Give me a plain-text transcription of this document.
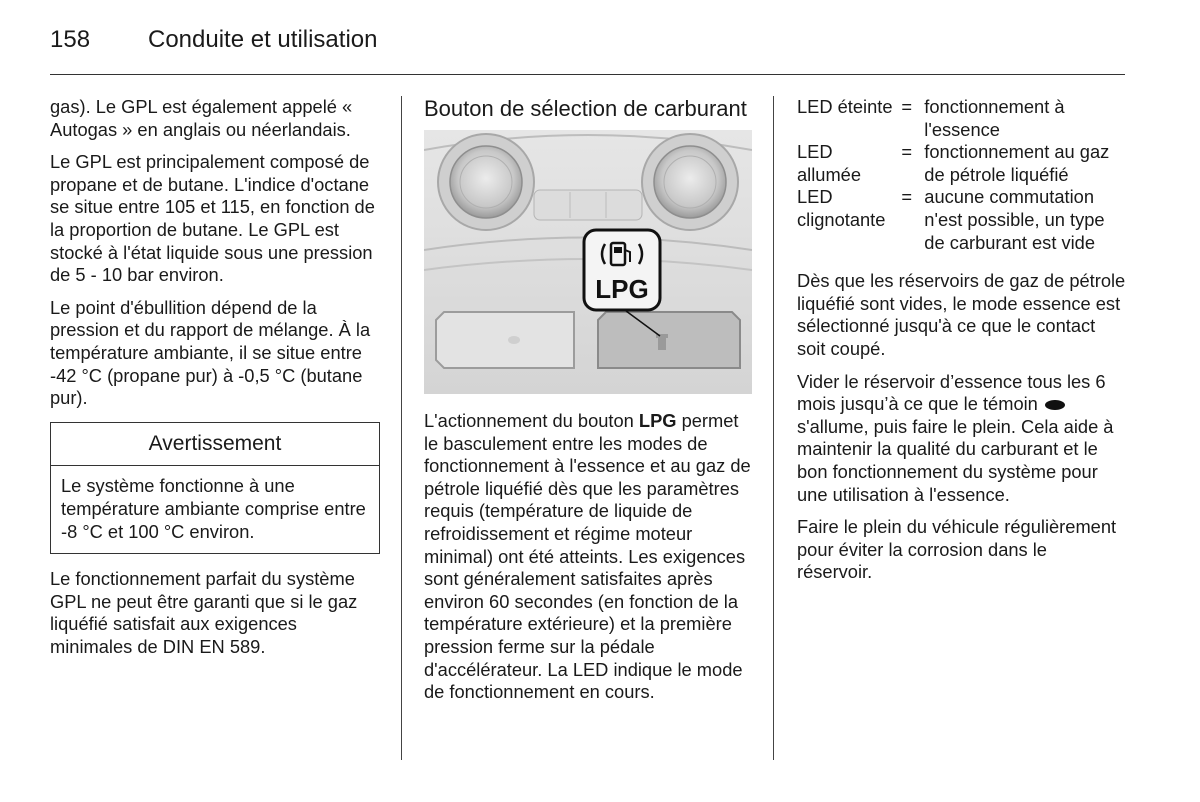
158 Conduite et utilisation

gas). Le GPL est également appelé « Autogas » en anglais ou néerlandais.

Le GPL est principalement composé de propane et de butane. L'indice d'octane se situe entre 105 et 115, en fonction de la proportion de butane. Le GPL est stocké à l'état liquide sous une pression de 5 - 10 bar environ.

Le point d'ébullition dépend de la pression et du rapport de mélange. À la température ambiante, il se situe entre -42 °C (propane pur) à -0,5 °C (butane pur).

Avertissement
Le système fonctionne à une température ambiante comprise entre -8 °C et 100 °C environ.

Le fonctionnement parfait du système GPL ne peut être garanti que si le gaz liquéfié satisfait aux exigences minimales de DIN EN 589.

Bouton de sélection de carburant
LPG

L'actionnement du bouton LPG permet le basculement entre les modes de fonctionnement à l'essence et au gaz de pétrole liquéfié dès que les paramètres requis (température de liquide de refroidissement et régime moteur minimal) ont été atteints. Les exigences sont généralement satisfaites après environ 60 secondes (en fonction de la température extérieure) et la première pression ferme sur la pédale d'accélérateur. La LED indique le mode de fonctionnement en cours.

LED éteinte	=	fonctionnement à l'essence
LED allumée	=	fonctionnement au gaz de pétrole liquéfié
LED clignotante	=	aucune commutation n'est possible, un type de carburant est vide

Dès que les réservoirs de gaz de pétrole liquéfié sont vides, le mode essence est sélectionné jusqu'à ce que le contact soit coupé.

Vider le réservoir d’essence tous les 6 mois jusqu’à ce que le témoin  s'allume, puis faire le plein. Cela aide à maintenir la qualité du carburant et le bon fonctionnement du système pour une utilisation à l'essence.

Faire le plein du véhicule régulièrement pour éviter la corrosion dans le réservoir.
